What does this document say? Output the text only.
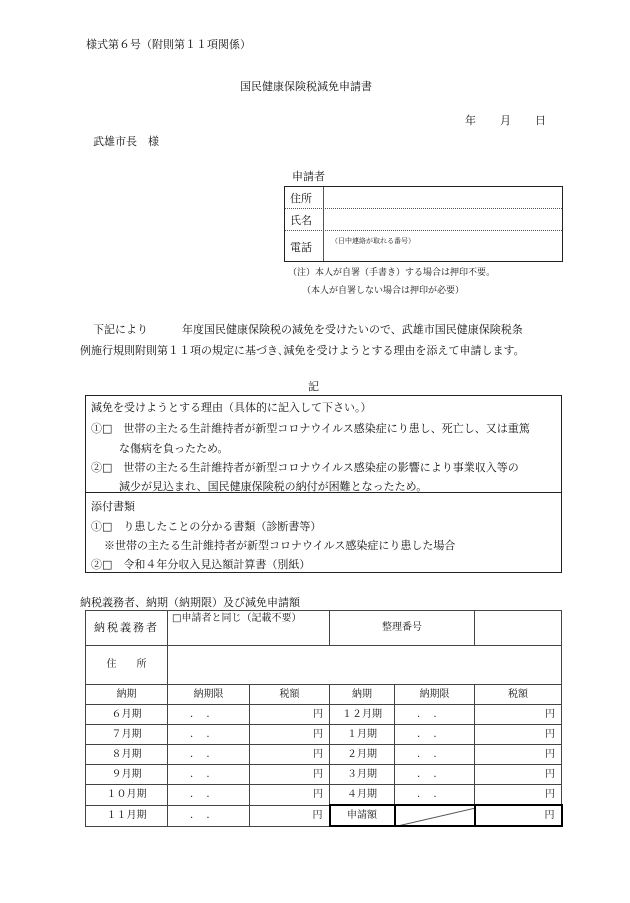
様式第６号（附則第１１項関係）
国民健康保険税減免申請書
年 月 日
武雄市長　様
申請者
住所
氏名
電話	（日中連絡が取れる番号）
（注）本人が自署（手書き）する場合は押印不要。
（本人が自署しない場合は押印が必要）
下記により	年度国民健康保険税の減免を受けたいので、武雄市国民健康保険税条
例施行規則附則第１１項の規定に基づき､減免を受けようとする理由を添えて申請します。
記
減免を受けようとする理由（具体的に記入して下さい。）
①□　世帯の主たる生計維持者が新型コロナウイルス感染症にり患し、死亡し、又は重篤
な傷病を負ったため。
②□　世帯の主たる生計維持者が新型コロナウイルス感染症の影響により事業収入等の
減少が見込まれ、国民健康保険税の納付が困難となったため。
添付書類
①□　り患したことの分かる書類（診断書等）
※世帯の主たる生計維持者が新型コロナウイルス感染症にり患した場合
②□　令和４年分収入見込額計算書（別紙）
納税義務者、納期（納期限）及び減免申請額
納税義務者	□申請者と同じ（記載不要）		整理番号		
住　　所					
納期	納期限	税額	納期	納期限	税額
６月期	.　 .	円	１２月期	.　 .	円
７月期	.　 .	円	１月期	.　 .	円
８月期	.　 .	円	２月期	.　 .	円
９月期	.　 .	円	３月期	.　 .	円
１０月期	.　 .	円	４月期	.　 .	円
１１月期	.　 .	円	申請額		円
